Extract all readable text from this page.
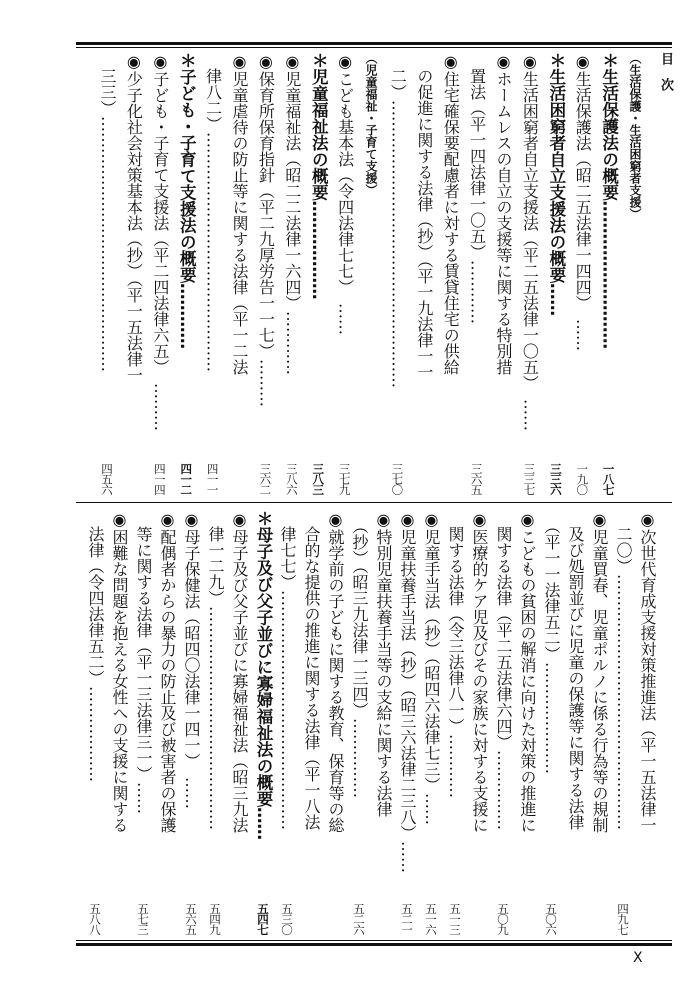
目　次
（生活保護・生活困窮者支援）
＊生活保護法の概要………………………
一八七
◉生活保護法（昭二五法律一四四）　……
一九〇
＊生活困窮者自立支援法の概要……
三三六
◉生活困窮者自立支援法（平二五法律一〇五）　……
三三七
◉ホームレスの自立の支援等に関する特別措
　置法（平一四法律一〇五）…………
三六五
◉住宅確保要配慮者に対する賃貸住宅の供給
　の促進に関する法律（抄）（平一九法律一一
　二）………………………………………………
三七〇
（児童福祉・子育て支援）
◉こども基本法（令四法律七七）　……
三七九
＊児童福祉法の概要………………
三八三
◉児童福祉法（昭二二法律一六四）…………
三八六
◉保育所保育指針（平二九厚労告一一七）………
三六二
◉児童虐待の防止等に関する法律（平一二法
　律八二）………………………………………
四一一
＊子ども・子育て支援法の概要…………
四一二
◉子ども・子育て支援法（平二四法律六五）　………
四一四
◉少子化社会対策基本法（抄）（平一五法律一
　三三）…………………………………………
四五六
◉次世代育成支援対策推進法（平一五法律一
　二〇）…………………………………………
四九七
◉児童買春、児童ポルノに係る行為等の規制
　及び処罰並びに児童の保護等に関する法律
　（平一一法律五二）…………………
五〇六
◉こどもの貧困の解消に向けた対策の推進に
　関する法律（平二五法律六四）……………
五〇九
◉医療的ケア児及びその家族に対する支援に
　関する法律（令三法律八一）…………
五一三
◉児童手当法（抄）（昭四六法律七三）……
五一六
◉児童扶養手当法（抄）（昭三六法律二三八）……
五二一
◉特別児童扶養手当等の支給に関する法律
　（抄）（昭三九法律一三四）……………
五二六
◉就学前の子どもに関する教育、保育等の総
　合的な提供の推進に関する法律（平一八法
　律七七）………………………………………
五三〇
＊母子及び父子並びに寡婦福祉法の概要……
五四七
◉母子及び父子並びに寡婦福祉法（昭三九法
　律一二九）……………………………………
五四九
◉母子保健法（昭四〇法律一四一）　……
五六五
◉配偶者からの暴力の防止及び被害者の保護
　等に関する法律（平一三法律三一）……
五七三
◉困難な問題を抱える女性への支援に関する
　法律（令四法律五二）………………
五八八
X
